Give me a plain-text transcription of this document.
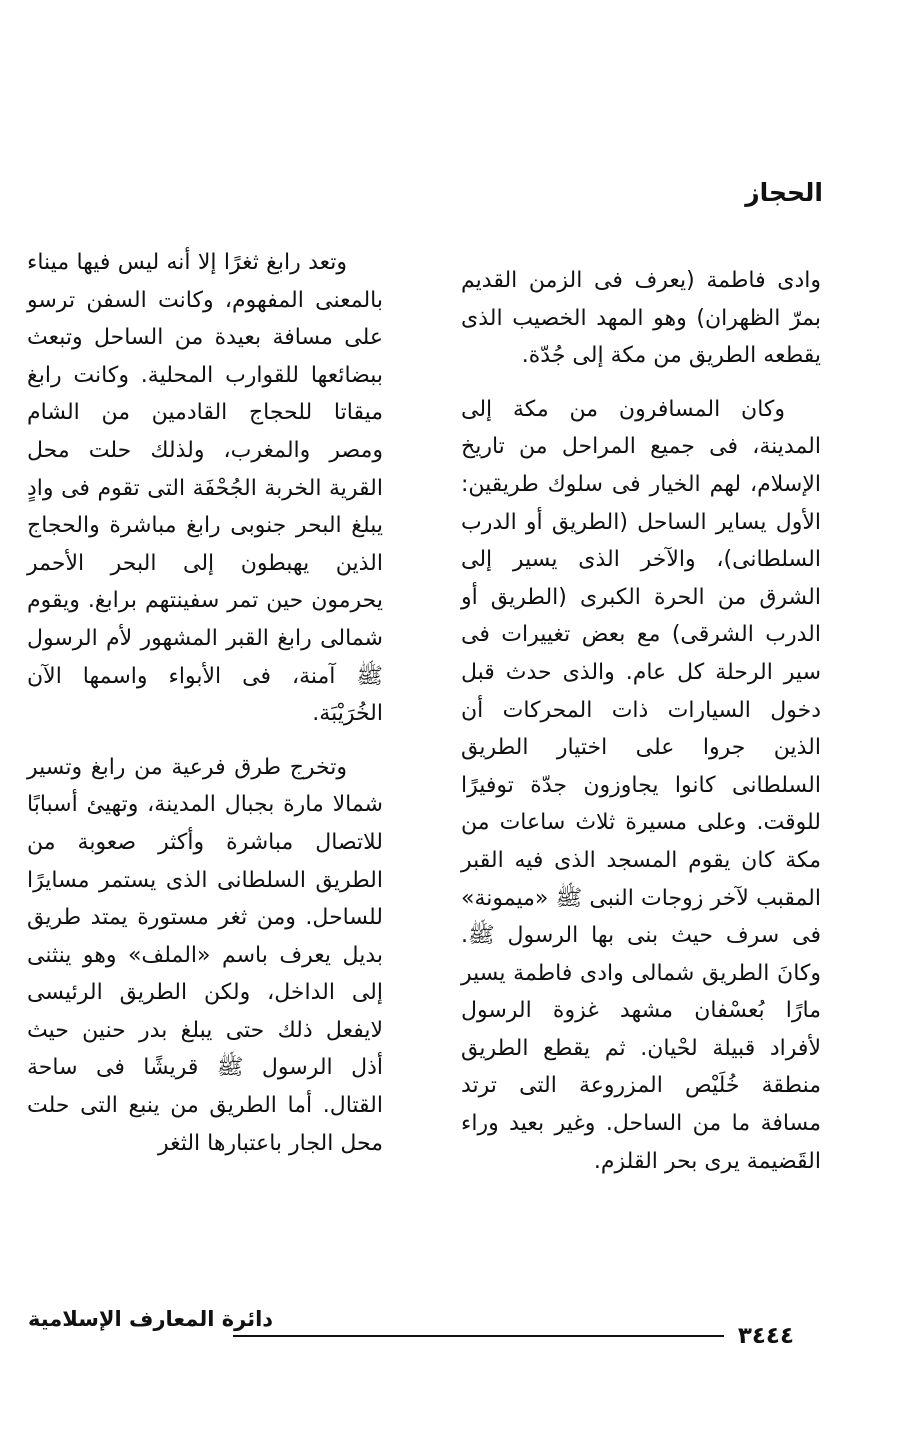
الحجاز

وادى فاطمة (يعرف فى الزمن القديم بمرّ الظهران) وهو المهد الخصيب الذى يقطعه الطريق من مكة إلى جُدّة.

وكان المسافرون من مكة إلى المدينة، فى جميع المراحل من تاريخ الإسلام، لهم الخيار فى سلوك طريقين: الأول يساير الساحل (الطريق أو الدرب السلطانى)، والآخر الذى يسير إلى الشرق من الحرة الكبرى (الطريق أو الدرب الشرقى) مع بعض تغييرات فى سير الرحلة كل عام. والذى حدث قبل دخول السيارات ذات المحركات أن الذين جروا على اختيار الطريق السلطانى كانوا يجاوزون جدّة توفيرًا للوقت. وعلى مسيرة ثلاث ساعات من مكة كان يقوم المسجد الذى فيه القبر المقبب لآخر زوجات النبى ﷺ «ميمونة» فى سرف حيث بنى بها الرسول ﷺ. وكانَ الطريق شمالى وادى فاطمة يسير مارًا بُعسْفان مشهد غزوة الرسول لأفراد قبيلة لحْيان. ثم يقطع الطريق منطقة خُلَيْص المزروعة التى ترتد مسافة ما من الساحل. وغير بعيد وراء القَضيمة يرى بحر القلزم.

وتعد رابغ ثغرًا إلا أنه ليس فيها ميناء بالمعنى المفهوم، وكانت السفن ترسو على مسافة بعيدة من الساحل وتبعث ببضائعها للقوارب المحلية. وكانت رابغ ميقاتا للحجاج القادمين من الشام ومصر والمغرب، ولذلك حلت محل القرية الخربة الجُحْفَة التى تقوم فى وادٍ يبلغ البحر جنوبى رابغ مباشرة والحجاج الذين يهبطون إلى البحر الأحمر يحرمون حين تمر سفينتهم برابغ. ويقوم شمالى رابغ القبر المشهور لأم الرسول ﷺ آمنة، فى الأبواء واسمها الآن الخُرَيْبَة.

وتخرج طرق فرعية من رابغ وتسير شمالا مارة بجبال المدينة، وتهيئ أسبابًا للاتصال مباشرة وأكثر صعوبة من الطريق السلطانى الذى يستمر مسايرًا للساحل. ومن ثغر مستورة يمتد طريق بديل يعرف باسم «الملف» وهو ينثنى إلى الداخل، ولكن الطريق الرئيسى لايفعل ذلك حتى يبلغ بدر حنين حيث أذل الرسول ﷺ قريشًا فى ساحة القتال. أما الطريق من ينبع التى حلت محل الجار باعتبارها الثغر

٣٤٤٤
دائرة المعارف الإسلامية
